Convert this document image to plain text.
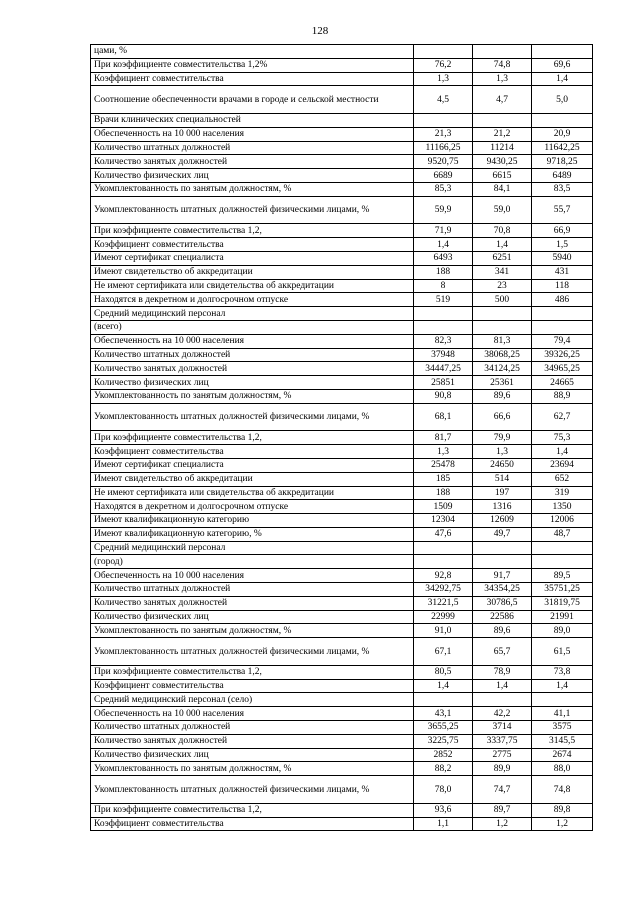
128
цами, %			
При коэффициенте совместительства 1,2%	76,2	74,8	69,6
Коэффициент совместительства	1,3	1,3	1,4
Соотношение обеспеченности врачами в городе и сельской местности	4,5	4,7	5,0
Врачи клинических специальностей			
Обеспеченность на 10 000 населения	21,3	21,2	20,9
Количество штатных должностей	11166,25	11214	11642,25
Количество занятых должностей	9520,75	9430,25	9718,25
Количество физических лиц	6689	6615	6489
Укомплектованность по занятым должностям, %	85,3	84,1	83,5
Укомплектованность штатных должностей физическими лицами, %	59,9	59,0	55,7
При коэффициенте совместительства 1,2,	71,9	70,8	66,9
Коэффициент совместительства	1,4	1,4	1,5
Имеют сертификат специалиста	6493	6251	5940
Имеют свидетельство об аккредитации	188	341	431
Не имеют сертификата или свидетельства об аккредитации	8	23	118
Находятся в декретном и долгосрочном отпуске	519	500	486
Средний медицинский персонал			
(всего)			
Обеспеченность на 10 000 населения	82,3	81,3	79,4
Количество штатных должностей	37948	38068,25	39326,25
Количество занятых должностей	34447,25	34124,25	34965,25
Количество физических лиц	25851	25361	24665
Укомплектованность по занятым должностям, %	90,8	89,6	88,9
Укомплектованность штатных должностей физическими лицами, %	68,1	66,6	62,7
При коэффициенте совместительства 1,2,	81,7	79,9	75,3
Коэффициент совместительства	1,3	1,3	1,4
Имеют сертификат специалиста	25478	24650	23694
Имеют свидетельство об аккредитации	185	514	652
Не имеют сертификата или свидетельства об аккредитации	188	197	319
Находятся в декретном и долгосрочном отпуске	1509	1316	1350
Имеют квалификационную категорию	12304	12609	12006
Имеют квалификационную категорию, %	47,6	49,7	48,7
Средний медицинский персонал			
(город)			
Обеспеченность на 10 000 населения	92,8	91,7	89,5
Количество штатных должностей	34292,75	34354,25	35751,25
Количество занятых должностей	31221,5	30786,5	31819,75
Количество физических лиц	22999	22586	21991
Укомплектованность по занятым должностям, %	91,0	89,6	89,0
Укомплектованность штатных должностей физическими лицами, %	67,1	65,7	61,5
При коэффициенте совместительства 1,2,	80,5	78,9	73,8
Коэффициент совместительства	1,4	1,4	1,4
Средний медицинский персонал (село)			
Обеспеченность на 10 000 населения	43,1	42,2	41,1
Количество штатных должностей	3655,25	3714	3575
Количество занятых должностей	3225,75	3337,75	3145,5
Количество физических лиц	2852	2775	2674
Укомплектованность по занятым должностям, %	88,2	89,9	88,0
Укомплектованность штатных должностей физическими лицами, %	78,0	74,7	74,8
При коэффициенте совместительства 1,2,	93,6	89,7	89,8
Коэффициент совместительства	1,1	1,2	1,2
